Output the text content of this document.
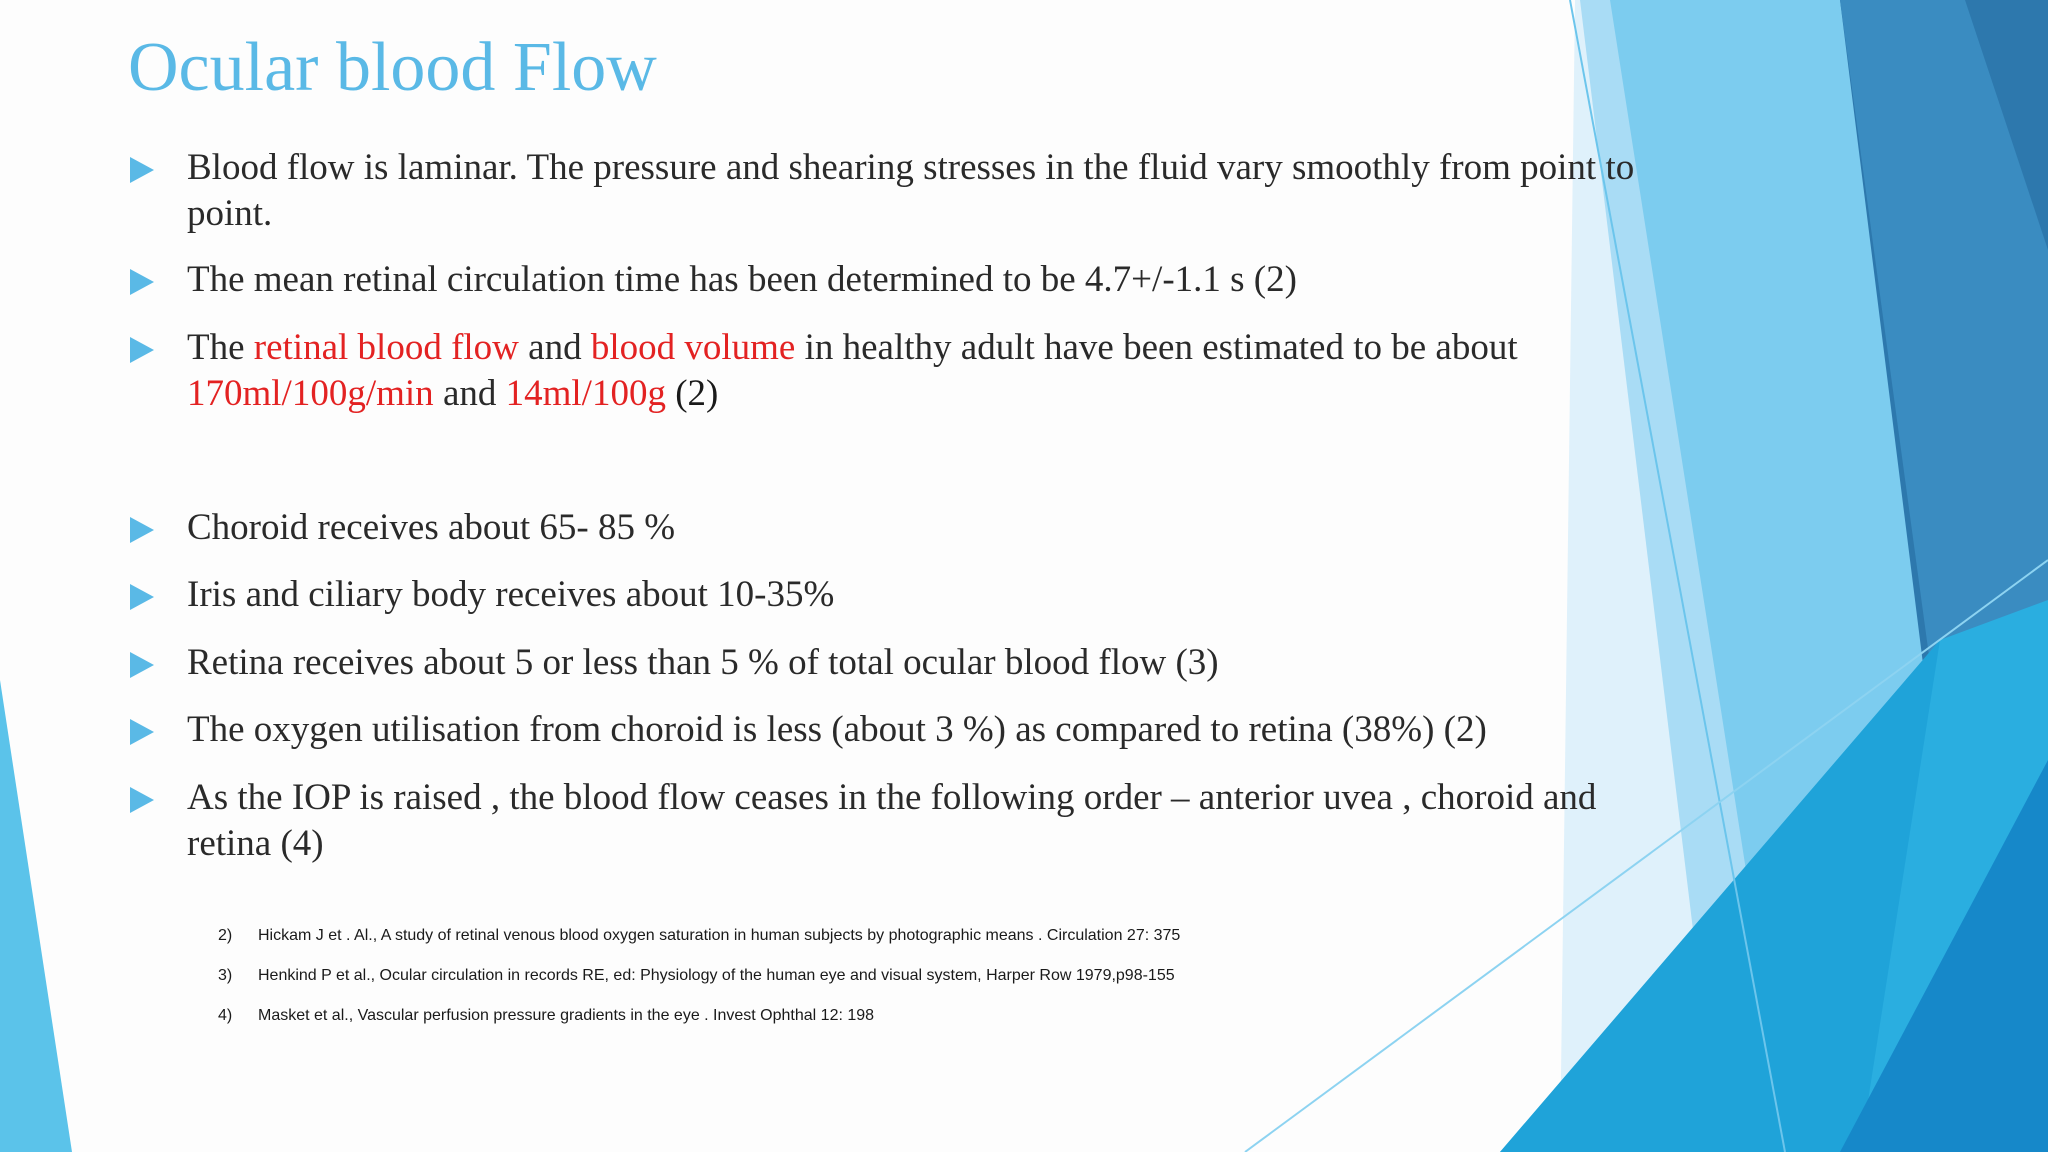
Ocular blood Flow
Blood flow is laminar. The pressure and shearing stresses in the fluid vary smoothly from point to point.
The mean retinal circulation time has been determined to be 4.7+/-1.1 s (2)
The retinal blood flow and blood volume in healthy adult have been estimated to be about 170ml/100g/min and 14ml/100g (2)
Choroid receives about 65- 85 %
Iris and ciliary body receives about 10-35%
Retina receives about 5 or less than 5 % of total ocular blood flow (3)
The oxygen utilisation from choroid is less (about 3 %) as compared to retina (38%) (2)
As the IOP is raised , the blood flow ceases in the following order – anterior uvea , choroid and retina (4)
2)	Hickam J et . Al., A study of retinal venous blood oxygen saturation in human subjects by photographic means . Circulation 27: 375
3)	Henkind P et al., Ocular circulation in records RE, ed: Physiology of the human eye and visual system, Harper Row 1979,p98-155
4)	Masket et al., Vascular perfusion pressure gradients in the eye . Invest Ophthal 12: 198
